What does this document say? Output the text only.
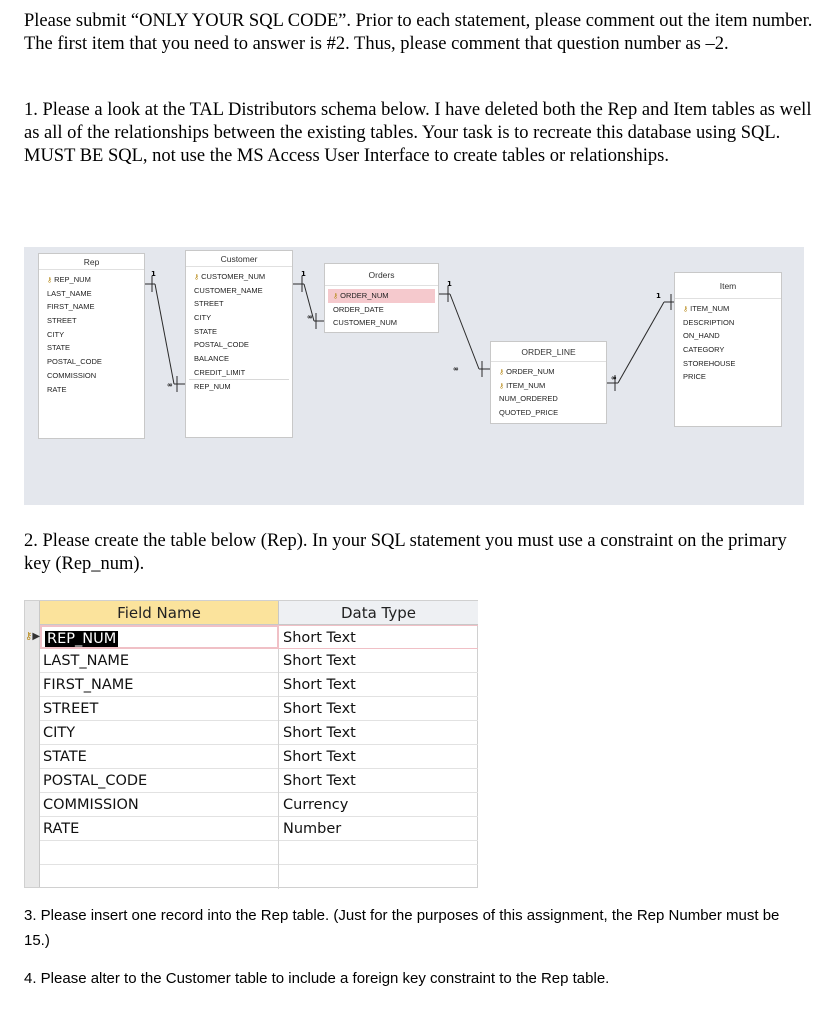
Please submit “ONLY YOUR SQL CODE”. Prior to each statement, please comment out the item number. The first item that you need to answer is #2. Thus, please comment that question number as –2.

1. Please a look at the TAL Distributors schema below. I have deleted both the Rep and Item tables as well as all of the relationships between the existing tables. Your task is to recreate this database using SQL. MUST BE SQL, not use the MS Access User Interface to create tables or relationships.

Rep
⚷ REP_NUM
LAST_NAME
FIRST_NAME
STREET
CITY
STATE
POSTAL_CODE
COMMISSION
RATE
Customer
⚷ CUSTOMER_NUM
CUSTOMER_NAME
STREET
CITY
STATE
POSTAL_CODE
BALANCE
CREDIT_LIMIT
REP_NUM
Orders
⚷ ORDER_NUM
ORDER_DATE
CUSTOMER_NUM
ORDER_LINE
⚷ ORDER_NUM
⚷ ITEM_NUM
NUM_ORDERED
QUOTED_PRICE
Item
⚷ ITEM_NUM
DESCRIPTION
ON_HAND
CATEGORY
STOREHOUSE
PRICE
1
∞
1
∞
1
∞
1
∞

2. Please create the table below (Rep). In your SQL statement you must use a constraint on the primary key (Rep_num).

⚷▶
Field Name	Data Type
REP_NUM	Short Text
LAST_NAME	Short Text
FIRST_NAME	Short Text
STREET	Short Text
CITY	Short Text
STATE	Short Text
POSTAL_CODE	Short Text
COMMISSION	Currency
RATE	Number

3. Please insert one record into the Rep table. (Just for the purposes of this assignment, the Rep Number must be 15.)

4. Please alter to the Customer table to include a foreign key constraint to the Rep table.
